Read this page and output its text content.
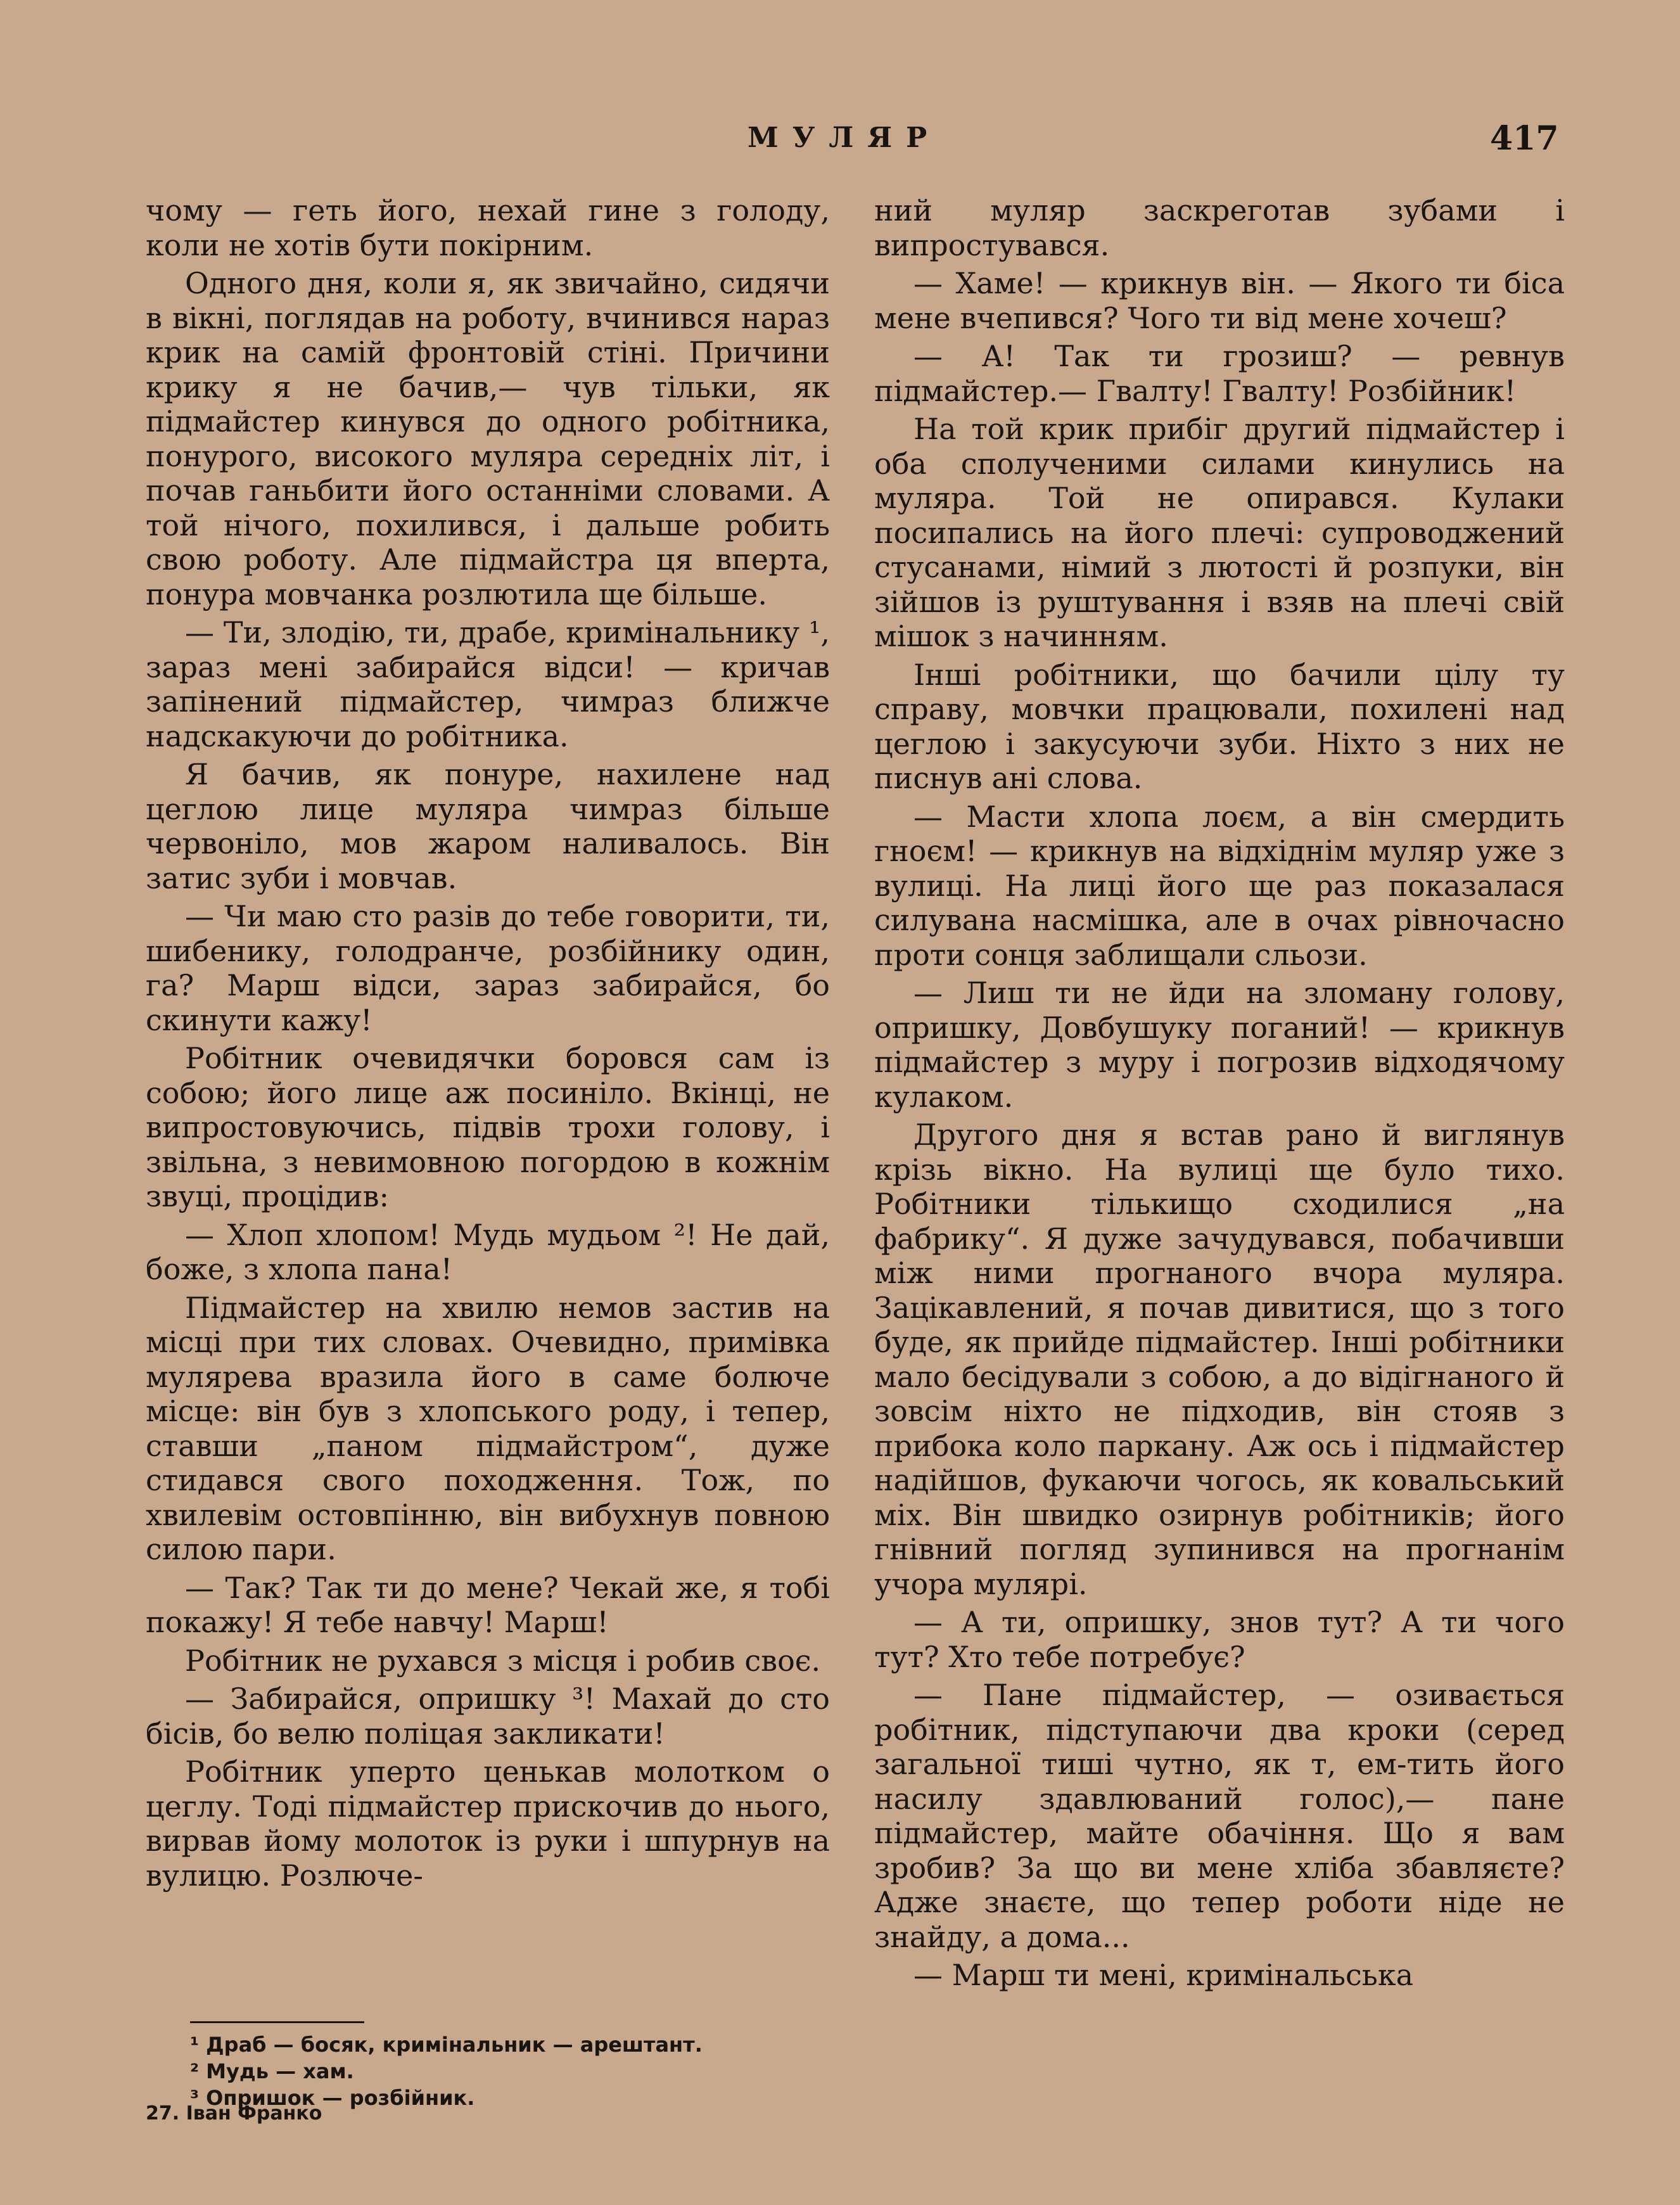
МУЛЯР	417

чому — геть його, нехай гине з голоду, коли не хотів бути покірним.

Одного дня, коли я, як звичайно, сидячи в вікні, поглядав на роботу, вчинився нараз крик на самій фронтовій стіні. Причини крику я не бачив,— чув тільки, як підмайстер кинувся до одного робітника, понурого, високого муляра середніх літ, і почав ганьбити його останніми словами. А той нічого, похилився, і дальше робить свою роботу. Але підмайстра ця вперта, понура мовчанка розлютила ще більше.

— Ти, злодію, ти, драбе, кримінальнику ¹, зараз мені забирайся відси! — кричав запінений підмайстер, чимраз ближче надскакуючи до робітника.

Я бачив, як понуре, нахилене над цеглою лице муляра чимраз більше червоніло, мов жаром наливалось. Він затис зуби і мовчав.

— Чи маю сто разів до тебе говорити, ти, шибенику, голодранче, розбійнику один, га? Марш відси, зараз забирайся, бо скинути кажу!

Робітник очевидячки боровся сам із собою; його лице аж посиніло. Вкінці, не випростовуючись, підвів трохи голову, і звільна, з невимовною погордою в кожнім звуці, процідив:

— Хлоп хлопом! Мудь мудьом ²! Не дай, боже, з хлопа пана!

Підмайстер на хвилю немов застив на місці при тих словах. Очевидно, примівка мулярева вразила його в саме болюче місце: він був з хлопського роду, і тепер, ставши „паном підмайстром“, дуже стидався свого походження. Тож, по хвилевім остовпінню, він вибухнув повною силою пари.

— Так? Так ти до мене? Чекай же, я тобі покажу! Я тебе навчу! Марш!

Робітник не рухався з місця і робив своє.

— Забирайся, опришку ³! Махай до сто бісів, бо велю поліцая закликати!

Робітник уперто ценькав молотком о цеглу. Тоді підмайстер прискочив до нього, вирвав йому молоток із руки і шпурнув на вулицю. Розлюче-

ний муляр заскреготав зубами і випростувався.

— Хаме! — крикнув він. — Якого ти біса мене вчепився? Чого ти від мене хочеш?

— А! Так ти грозиш? — ревнув підмайстер.— Гвалту! Гвалту! Розбійник!

На той крик прибіг другий підмайстер і оба сполученими силами кинулись на муляра. Той не опирався. Кулаки посипались на його плечі: супроводжений стусанами, німий з лютості й розпуки, він зійшов із руштування і взяв на плечі свій мішок з начинням.

Інші робітники, що бачили цілу ту справу, мовчки працювали, похилені над цеглою і закусуючи зуби. Ніхто з них не писнув ані слова.

— Масти хлопа лоєм, а він смердить гноєм! — крикнув на відхіднім муляр уже з вулиці. На лиці його ще раз показалася силувана насмішка, але в очах рівночасно проти сонця заблищали сльози.

— Лиш ти не йди на зломану голову, опришку, Довбушуку поганий! — крикнув підмайстер з муру і погрозив відходячому кулаком.

Другого дня я встав рано й виглянув крізь вікно. На вулиці ще було тихо. Робітники тількищо сходилися „на фабрику“. Я дуже зачудувався, побачивши між ними прогнаного вчора муляра. Зацікавлений, я почав дивитися, що з того буде, як прийде підмайстер. Інші робітники мало бесідували з собою, а до відігнаного й зовсім ніхто не підходив, він стояв з прибока коло паркану. Аж ось і підмайстер надійшов, фукаючи чогось, як ковальський міх. Він швидко озирнув робітників; його гнівний погляд зупинився на прогнанім учора мулярі.

— А ти, опришку, знов тут? А ти чого тут? Хто тебе потребує?

— Пане підмайстер, — озивається робітник, підступаючи два кроки (серед загальної тиші чутно, як т, ем-тить його насилу здавлюваний голос),— пане підмайстер, майте обачіння. Що я вам зробив? За що ви мене хліба збавляєте? Адже знаєте, що тепер роботи ніде не знайду, а дома...

— Марш ти мені, кримінальська

¹ Драб — босяк, кримінальник — арештант.
² Мудь — хам.
³ Опришок — розбійник.
27. Іван Франко
